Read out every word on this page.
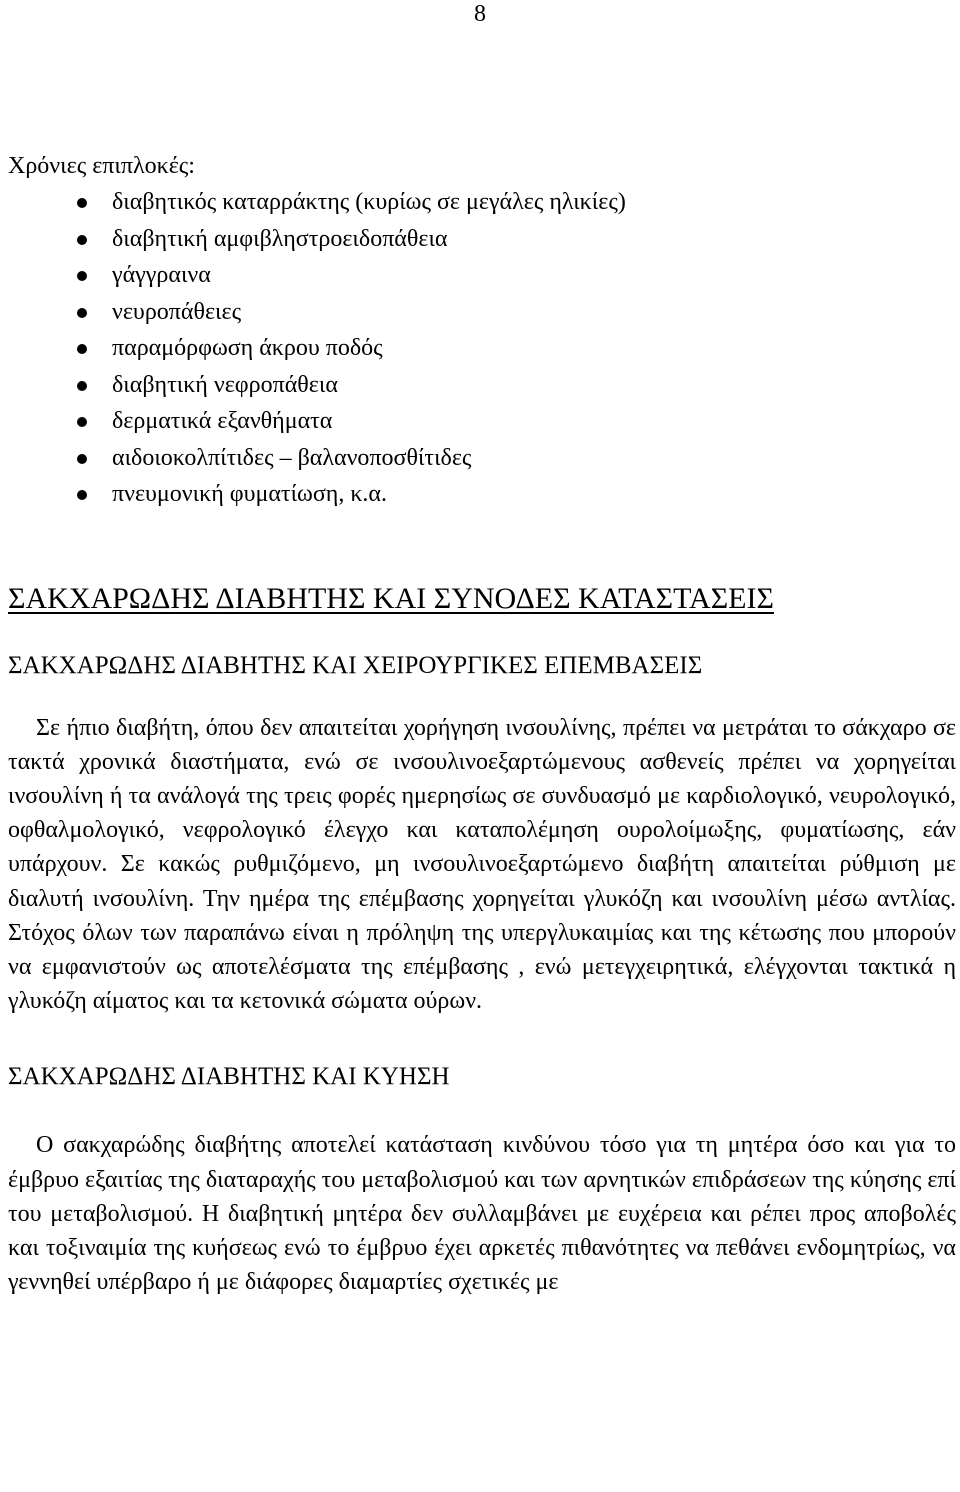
8

Χρόνιες επιπλοκές:

διαβητικός καταρράκτης (κυρίως σε μεγάλες ηλικίες)
διαβητική αμφιβληστροειδοπάθεια
γάγγραινα
νευροπάθειες
παραμόρφωση άκρου ποδός
διαβητική νεφροπάθεια
δερματικά εξανθήματα
αιδοιοκολπίτιδες – βαλανοποσθίτιδες
πνευμονική φυματίωση, κ.α.
ΣΑΚΧΑΡΩΔΗΣ ΔΙΑΒΗΤΗΣ ΚΑΙ ΣΥΝΟΔΕΣ ΚΑΤΑΣΤΑΣΕΙΣ
ΣΑΚΧΑΡΩΔΗΣ ΔΙΑΒΗΤΗΣ ΚΑΙ ΧΕΙΡΟΥΡΓΙΚΕΣ ΕΠΕΜΒΑΣΕΙΣ

Σε ήπιο διαβήτη, όπου δεν απαιτείται χορήγηση ινσουλίνης, πρέπει να μετράται το σάκχαρο σε τακτά χρονικά διαστήματα, ενώ σε ινσουλινοεξαρτώμενους ασθενείς πρέπει να χορηγείται ινσουλίνη ή τα ανάλογά της τρεις φορές ημερησίως σε συνδυασμό με καρδιολογικό, νευρολογικό, οφθαλμολογικό, νεφρολογικό έλεγχο και καταπολέμηση ουρολοίμωξης, φυματίωσης, εάν υπάρχουν. Σε κακώς ρυθμιζόμενο, μη ινσουλινοεξαρτώμενο διαβήτη απαιτείται ρύθμιση με διαλυτή ινσουλίνη. Την ημέρα της επέμβασης χορηγείται γλυκόζη και ινσουλίνη μέσω αντλίας. Στόχος όλων των παραπάνω είναι η πρόληψη της υπεργλυκαιμίας και της κέτωσης που μπορούν να εμφανιστούν ως αποτελέσματα της επέμβασης , ενώ μετεγχειρητικά, ελέγχονται τακτικά η γλυκόζη αίματος και τα κετονικά σώματα ούρων.

ΣΑΚΧΑΡΩΔΗΣ ΔΙΑΒΗΤΗΣ ΚΑΙ ΚΥΗΣΗ

Ο σακχαρώδης διαβήτης αποτελεί κατάσταση κινδύνου τόσο για τη μητέρα όσο και για το έμβρυο εξαιτίας της διαταραχής του μεταβολισμού και των αρνητικών επιδράσεων της κύησης επί του μεταβολισμού. Η διαβητική μητέρα δεν συλλαμβάνει με ευχέρεια και ρέπει προς αποβολές και τοξιναιμία της κυήσεως ενώ το έμβρυο έχει αρκετές πιθανότητες να πεθάνει ενδομητρίως, να γεννηθεί υπέρβαρο ή με διάφορες διαμαρτίες σχετικές με
